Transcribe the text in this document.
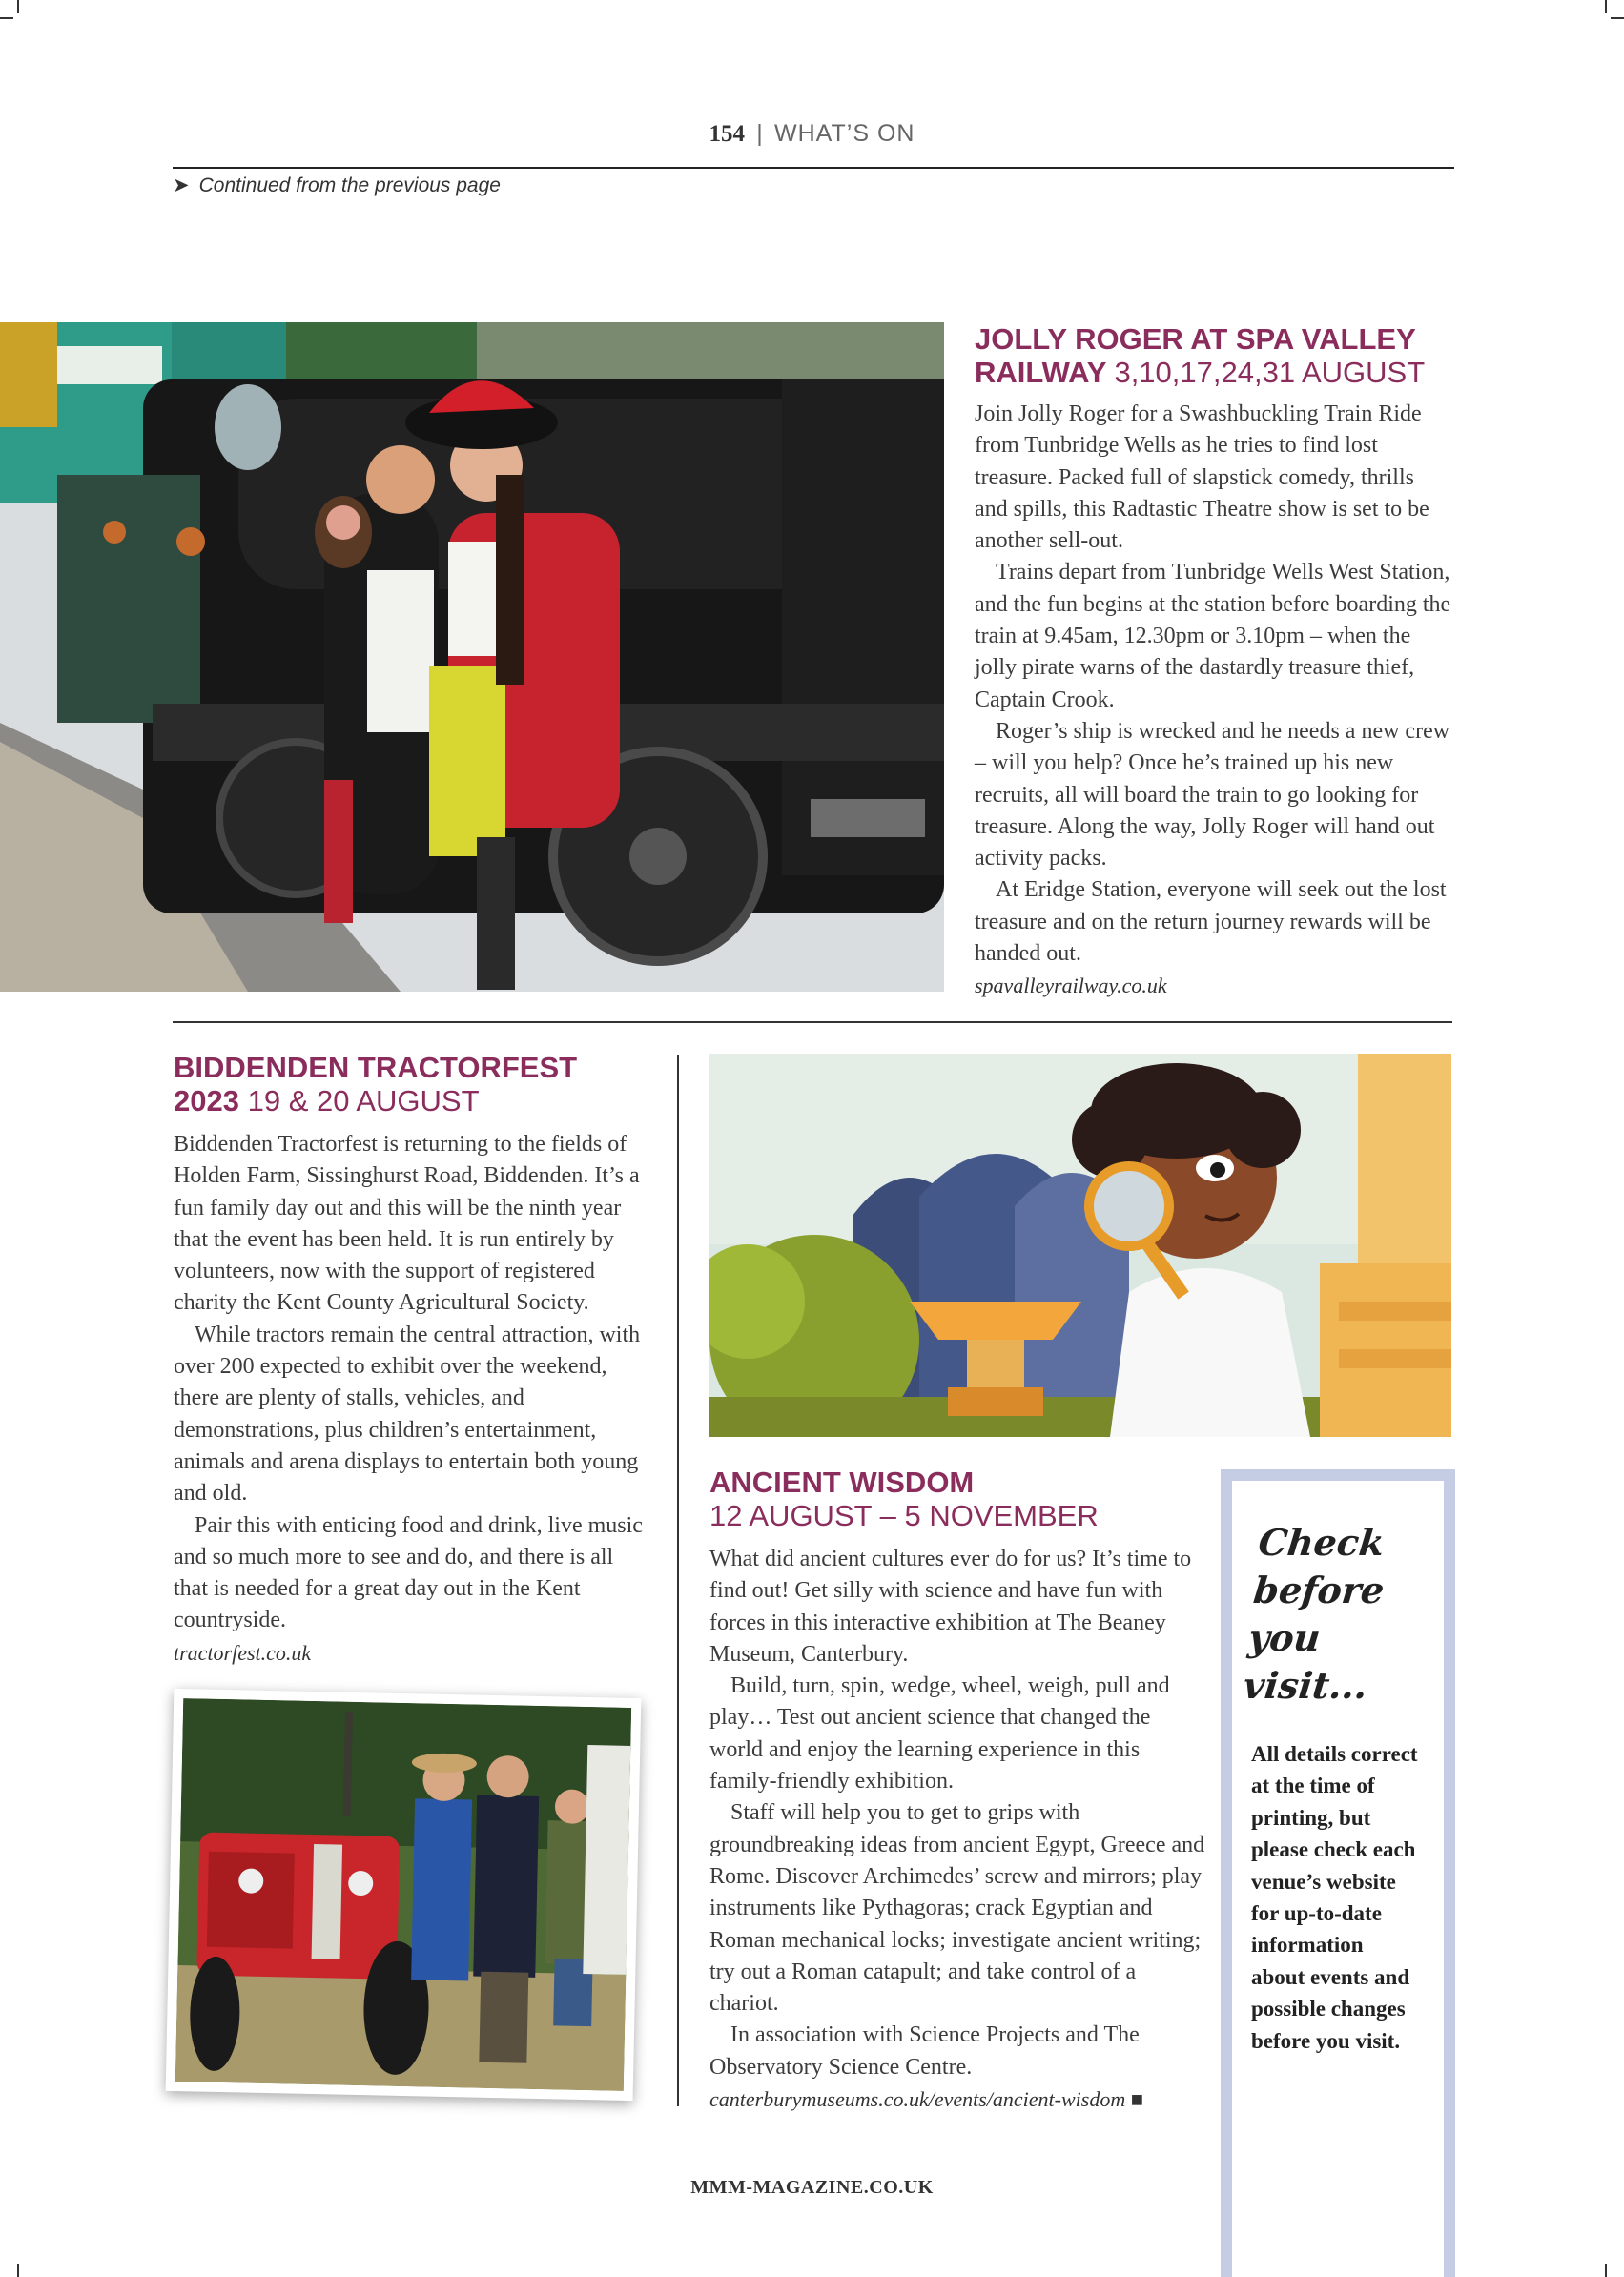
154 | WHAT’S ON
➤ Continued from the previous page
JOLLY ROGER AT SPA VALLEY RAILWAY 3,10,17,24,31 AUGUST

Join Jolly Roger for a Swashbuckling Train Ride from Tunbridge Wells as he tries to find lost treasure. Packed full of slapstick comedy, thrills and spills, this Radtastic Theatre show is set to be another sell-out.

Trains depart from Tunbridge Wells West Station, and the fun begins at the station before boarding the train at 9.45am, 12.30pm or 3.10pm – when the jolly pirate warns of the dastardly treasure thief, Captain Crook.

Roger’s ship is wrecked and he needs a new crew – will you help? Once he’s trained up his new recruits, all will board the train to go looking for treasure. Along the way, Jolly Roger will hand out activity packs.

At Eridge Station, everyone will seek out the lost treasure and on the return journey rewards will be handed out.

spavalleyrailway.co.uk
BIDDENDEN TRACTORFEST
2023 19 & 20 AUGUST

Biddenden Tractorfest is returning to the fields of Holden Farm, Sissinghurst Road, Biddenden. It’s a fun family day out and this will be the ninth year that the event has been held. It is run entirely by volunteers, now with the support of registered charity the Kent County Agricultural Society.

While tractors remain the central attraction, with over 200 expected to exhibit over the weekend, there are plenty of stalls, vehicles, and demonstrations, plus children’s entertainment, animals and arena displays to entertain both young and old.

Pair this with enticing food and drink, live music and so much more to see and do, and there is all that is needed for a great day out in the Kent countryside.

tractorfest.co.uk
ANCIENT WISDOM
12 AUGUST – 5 NOVEMBER

What did ancient cultures ever do for us? It’s time to find out! Get silly with science and have fun with forces in this interactive exhibition at The Beaney Museum, Canterbury.

Build, turn, spin, wedge, wheel, weigh, pull and play… Test out ancient science that changed the world and enjoy the learning experience in this family-friendly exhibition.

Staff will help you to get to grips with groundbreaking ideas from ancient Egypt, Greece and Rome. Discover Archimedes’ screw and mirrors; play instruments like Pythagoras; crack Egyptian and Roman mechanical locks; investigate ancient writing; try out a Roman catapult; and take control of a chariot.

In association with Science Projects and The Observatory Science Centre.

canterburymuseums.co.uk/events/ancient-wisdom ■
Check before you visit...
All details correct at the time of printing, but please check each venue’s website for up-to-date information about events and possible changes before you visit.
MMM-MAGAZINE.CO.UK
